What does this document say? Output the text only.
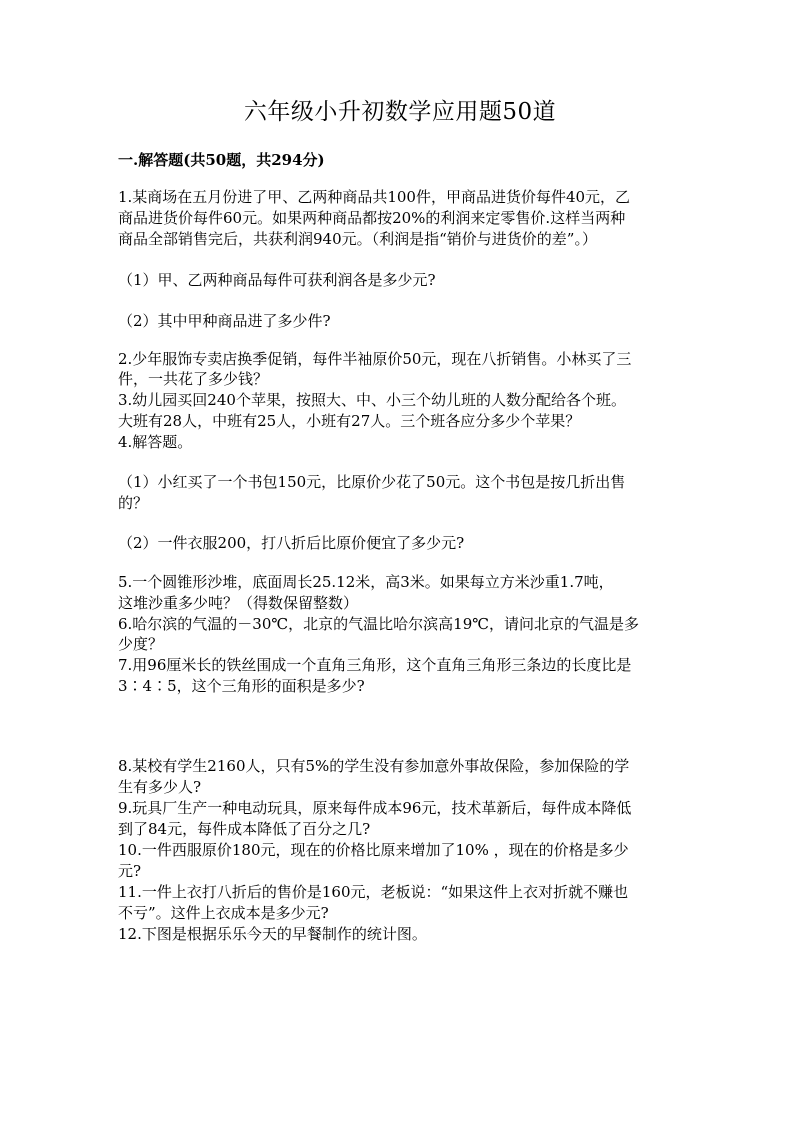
六年级小升初数学应用题50道
一.解答题(共50题，共294分)
1.某商场在五月份进了甲、乙两种商品共100件，甲商品进货价每件40元，乙
商品进货价每件60元。如果两种商品都按20%的利润来定零售价.这样当两种
商品全部销售完后，共获利润940元。（利润是指“销价与进货价的差”。）
（1）甲、乙两种商品每件可获利润各是多少元?
（2）其中甲种商品进了多少件?
2.少年服饰专卖店换季促销，每件半袖原价50元，现在八折销售。小林买了三
件，一共花了多少钱？
3.幼儿园买回240个苹果，按照大、中、小三个幼儿班的人数分配给各个班。
大班有28人，中班有25人，小班有27人。三个班各应分多少个苹果？
4.解答题。
（1）小红买了一个书包150元，比原价少花了50元。这个书包是按几折出售
的？
（2）一件衣服200，打八折后比原价便宜了多少元?
5.一个圆锥形沙堆，底面周长25.12米，高3米。如果每立方米沙重1.7吨，
这堆沙重多少吨？（得数保留整数）
6.哈尔滨的气温的－30℃，北京的气温比哈尔滨高19℃，请问北京的气温是多
少度？
7.用96厘米长的铁丝围成一个直角三角形，这个直角三角形三条边的长度比是
3∶4∶5，这个三角形的面积是多少?
8.某校有学生2160人，只有5%的学生没有参加意外事故保险，参加保险的学
生有多少人?
9.玩具厂生产一种电动玩具，原来每件成本96元，技术革新后，每件成本降低
到了84元，每件成本降低了百分之几?
10.一件西服原价180元，现在的价格比原来增加了10% ，现在的价格是多少
元?
11.一件上衣打八折后的售价是160元，老板说：“如果这件上衣对折就不赚也
不亏”。这件上衣成本是多少元?
12.下图是根据乐乐今天的早餐制作的统计图。
